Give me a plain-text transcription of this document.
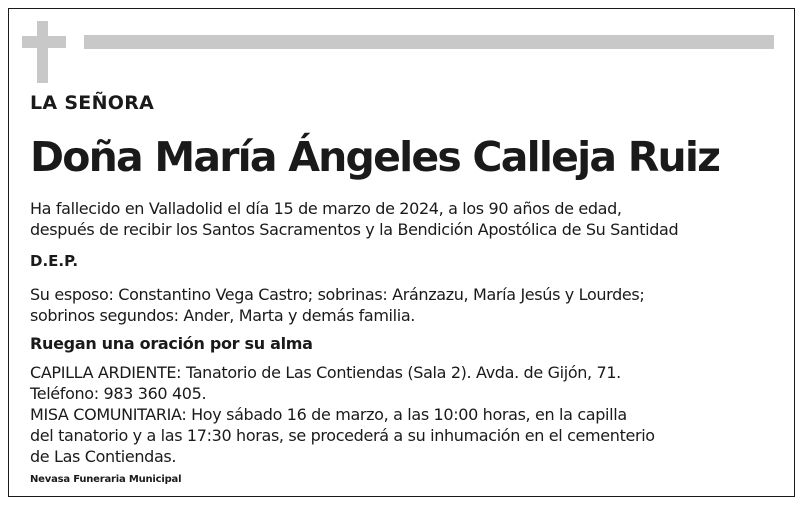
LA SEÑORA
Doña María Ángeles Calleja Ruiz
Ha fallecido en Valladolid el día 15 de marzo de 2024, a los 90 años de edad,
después de recibir los Santos Sacramentos y la Bendición Apostólica de Su Santidad
D.E.P.
Su esposo: Constantino Vega Castro; sobrinas: Aránzazu, María Jesús y Lourdes;
sobrinos segundos: Ander, Marta y demás familia.
Ruegan una oración por su alma
CAPILLA ARDIENTE: Tanatorio de Las Contiendas (Sala 2). Avda. de Gijón, 71.
Teléfono: 983 360 405.
MISA COMUNITARIA: Hoy sábado 16 de marzo, a las 10:00 horas, en la capilla
del tanatorio y a las 17:30 horas, se procederá a su inhumación en el cementerio
de Las Contiendas.
Nevasa Funeraria Municipal
